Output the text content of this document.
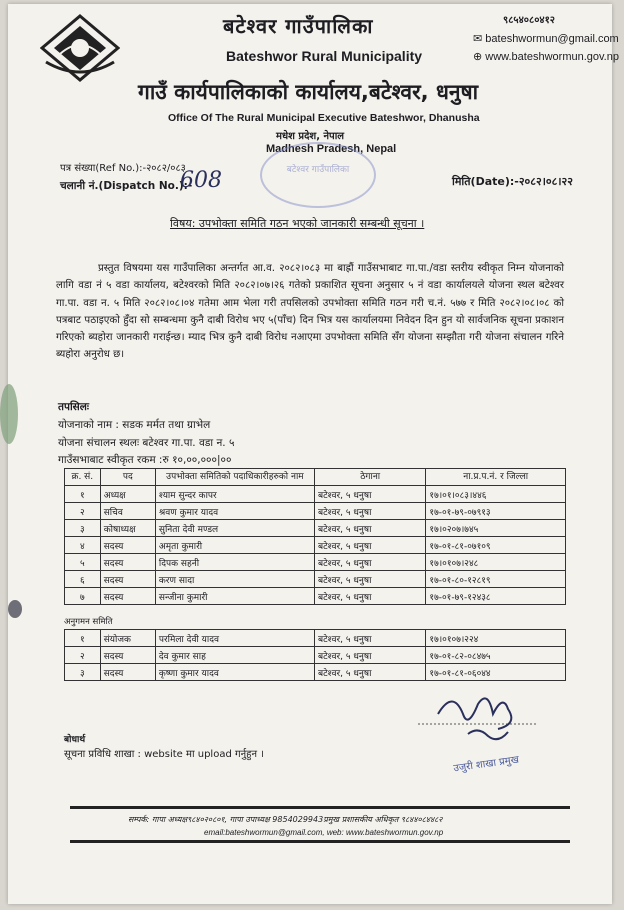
बटेश्वर गाउँपालिका
Bateshwor Rural Municipality
९८५४०८०४१२
✉ bateshwormun@gmail.com
⊕ www.bateshwormun.gov.np
गाउँ कार्यपालिकाको कार्यालय,बटेश्वर, धनुषा
Office Of The Rural Municipal Executive Bateshwor, Dhanusha
मधेश प्रदेश, नेपाल
Madhesh Pradesh, Nepal
बटेश्वर गाउँपालिका
पत्र संख्या(Ref No.):-२०८२/०८३
चलानी नं.(Dispatch No.):-
608	मिति(Date):-२०८२।०८।२२
विषय: उपभोक्ता समिति गठन भएको जानकारी सम्बन्धी सूचना ।

प्रस्तुत विषयमा यस गाउँपालिका अन्तर्गत आ.व. २०८२।०८३ मा बाह्रौं गाउँसभाबाट गा.पा./वडा स्तरीय स्वीकृत निम्न योजनाको लागि वडा नं ५ वडा कार्यालय, बटेश्वरको मिति २०८२।०७।२६ गतेको प्रकाशित सूचना अनुसार ५ नं वडा कार्यालयले योजना स्थल बटेश्वर गा.पा. वडा न. ५ मिति २०८२।०८।०४ गतेमा आम भेला गरी तपसिलको उपभोक्ता समिति गठन गरी च.नं. ५७७ र मिति २०८२।०८।०८ को पत्रबाट पठाइएको हुँदा सो सम्बन्धमा कुनै दाबी विरोध भए ५(पाँच) दिन भित्र यस कार्यालयमा निवेदन दिन हुन यो सार्वजनिक सूचना प्रकाशन गरिएको ब्यहोरा जानकारी गराईन्छ। म्याद भित्र कुनै दाबी विरोध नआएमा उपभोक्ता समिति सँग योजना सम्झौता गरी योजना संचालन गरिने ब्यहोरा अनुरोध छ।

तपसिलः
योजनाको नाम : सडक मर्मत तथा ग्राभेल
योजना संचालन स्थलः बटेश्वर गा.पा. वडा न. ५
गाउँसभाबाट स्वीकृत रकम :रु १०,००,०००|००
क्र. सं.	पद	उपभोक्ता समितिको पदाधिकारीहरुको नाम	ठेगाना	ना.प्र.प.नं. र जिल्ला
१	अध्यक्ष	श्याम सुन्दर कापर	बटेश्वर, ५ धनुषा	१७।०१।०८३।४४६
२	सचिव	श्रवण कुमार यादव	बटेश्वर, ५ धनुषा	१७-०१-७९-०७९१३
३	कोषाध्यक्ष	सुनिता देवी मण्डल	बटेश्वर, ५ धनुषा	१७।०२०७।७४५
४	सदस्य	अमृता कुमारी	बटेश्वर, ५ धनुषा	१७-०१-८१-०७१०९
५	सदस्य	दिपक सहनी	बटेश्वर, ५ धनुषा	१७।०१०७।२४८
६	सदस्य	करण सादा	बटेश्वर, ५ धनुषा	१७-०१-८०-१२८१९
७	सदस्य	सन्जीना कुमारी	बटेश्वर, ५ धनुषा	१७-०१-७९-१२४३८
अनुगमन समिति
१	संयोजक	परमिला देवी यादव	बटेश्वर, ५ धनुषा	१७।०१०७।२२४
२	सदस्य	देव कुमार साह	बटेश्वर, ५ धनुषा	१७-०१-८२-०८४७५
३	सदस्य	कृष्णा कुमार यादव	बटेश्वर, ५ धनुषा	१७-०१-८१-०६०४४
उजुरी शाखा प्रमुख
बोधार्थ
सूचना प्रविधि शाखा : website मा upload गर्नुहुन ।
सम्पर्क: गापा अध्यक्ष९८४०२०८०१, गापा उपाध्यक्ष 9854029943प्रमुख प्रशासकीय अधिकृत ९८४४०८४४८२
email:bateshwormun@gmail.com, web: www.bateshwormun.gov.np
